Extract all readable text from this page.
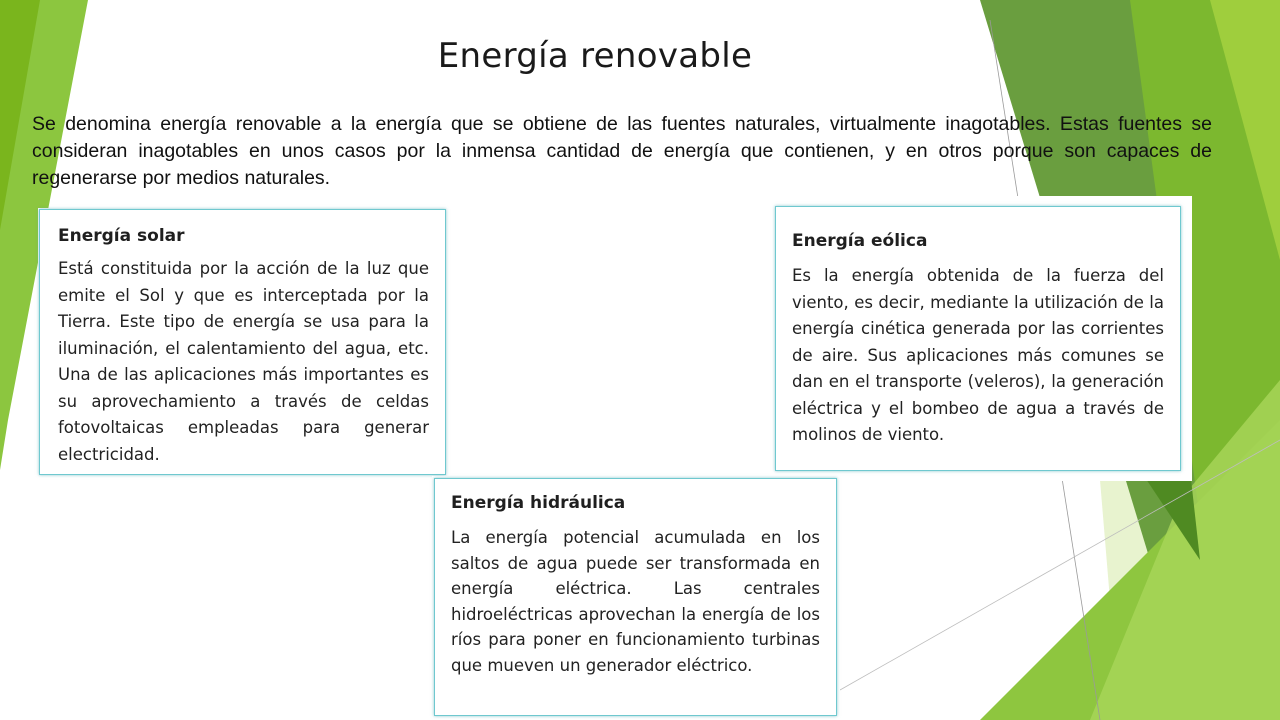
Energía renovable
Se denomina energía renovable a la energía que se obtiene de las fuentes naturales, virtualmente inagotables. Estas fuentes se consideran inagotables en unos casos por la inmensa cantidad de energía que contienen, y en otros porque son capaces de regenerarse por medios naturales.
Energía solar

Está constituida por la acción de la luz que emite el Sol y que es interceptada por la Tierra. Este tipo de energía se usa para la iluminación, el calentamiento del agua, etc. Una de las aplicaciones más importantes es su aprovechamiento a través de celdas fotovoltaicas empleadas para generar electricidad.

Energía eólica

Es la energía obtenida de la fuerza del viento, es decir, mediante la utilización de la energía cinética generada por las corrientes de aire. Sus aplicaciones más comunes se dan en el transporte (veleros), la generación eléctrica y el bombeo de agua a través de molinos de viento.

Energía hidráulica

La energía potencial acumulada en los saltos de agua puede ser transformada en energía eléctrica. Las centrales hidroeléctricas aprovechan la energía de los ríos para poner en funcionamiento turbinas que mueven un generador eléctrico.
